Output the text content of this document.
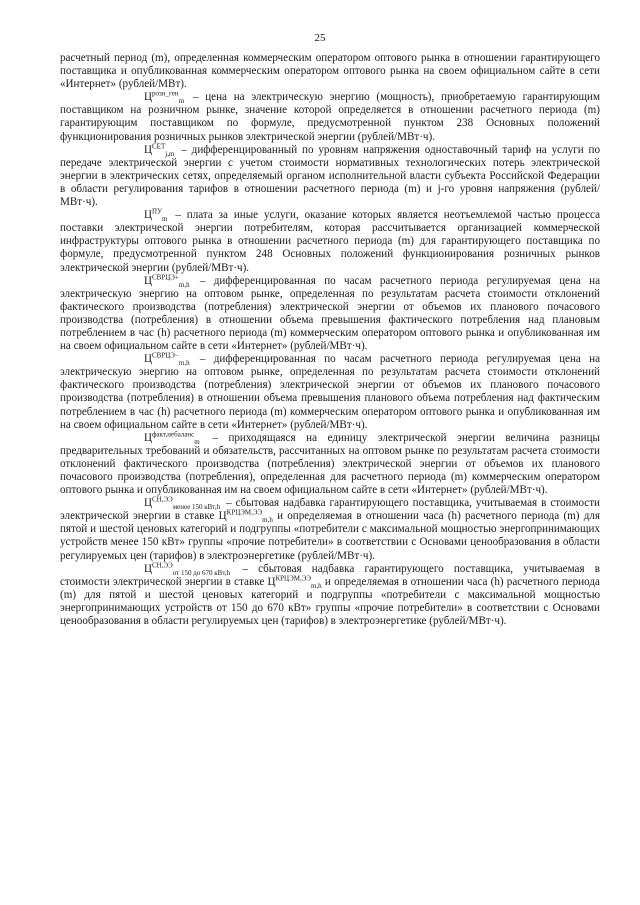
25

расчетный период (m), определенная коммерческим оператором оптового рынка в отношении гарантирующего поставщика и опубликованная коммерческим оператором оптового рынка на своем официальном сайте в сети «Интернет» (рублей/МВт).

$Ц^{розн\_ген}_m$ – цена на электрическую энергию (мощность), приобретаемую гарантирующим поставщиком на розничном рынке, значение которой определяется в отношении расчетного периода (m) гарантирующим поставщиком по формуле, предусмотренной пунктом 238 Основных положений функционирования розничных рынков электрической энергии (рублей/МВт·ч).

$Ц^{СЕТ}_{j,m}$ – дифференцированный по уровням напряжения одноставочный тариф на услуги по передаче электрической энергии с учетом стоимости нормативных технологических потерь электрической энергии в электрических сетях, определяемый органом исполнительной власти субъекта Российской Федерации в области регулирования тарифов в отношении расчетного периода (m) и j-го уровня напряжения (рублей/МВт·ч).

$Ц^{ПУ}_m$ – плата за иные услуги, оказание которых является неотъемлемой частью процесса поставки электрической энергии потребителям, которая рассчитывается организацией коммерческой инфраструктуры оптового рынка в отношении расчетного периода (m) для гарантирующего поставщика по формуле, предусмотренной пунктом 248 Основных положений функционирования розничных рынков электрической энергии (рублей/МВт·ч).

$Ц^{СВРЦЭ+}_{m,h}$ – дифференцированная по часам расчетного периода регулируемая цена на электрическую энергию на оптовом рынке, определенная по результатам расчета стоимости отклонений фактического производства (потребления) электрической энергии от объемов их планового почасового производства (потребления) в отношении объема превышения фактического потребления над плановым потреблением в час (h) расчетного периода (m) коммерческим оператором оптового рынка и опубликованная им на своем официальном сайте в сети «Интернет» (рублей/МВт·ч).

$Ц^{СВРЦЭ-}_{m,h}$ – дифференцированная по часам расчетного периода регулируемая цена на электрическую энергию на оптовом рынке, определенная по результатам расчета стоимости отклонений фактического производства (потребления) электрической энергии от объемов их планового почасового производства (потребления) в отношении объема превышения планового объема потребления над фактическим потреблением в час (h) расчетного периода (m) коммерческим оператором оптового рынка и опубликованная им на своем официальном сайте в сети «Интернет» (рублей/МВт·ч).

$Ц^{факт,небаланс}_m$ – приходящаяся на единицу электрической энергии величина разницы предварительных требований и обязательств, рассчитанных на оптовом рынке по результатам расчета стоимости отклонений фактического производства (потребления) электрической энергии от объемов их планового почасового производства (потребления), определенная для расчетного периода (m) коммерческим оператором оптового рынка и опубликованная им на своем официальном сайте в сети «Интернет» (рублей/МВт·ч).

$Ц^{СН,ЭЭ}_{менее 150 кВт,h}$ – сбытовая надбавка гарантирующего поставщика, учитываемая в стоимости электрической энергии в ставке $Ц^{КРЦЭМ,ЭЭ}_{m,h}$ и определяемая в отношении часа (h) расчетного периода (m) для пятой и шестой ценовых категорий и подгруппы «потребители с максимальной мощностью энергопринимающих устройств менее 150 кВт» группы «прочие потребители» в соответствии с Основами ценообразования в области регулируемых цен (тарифов) в электроэнергетике (рублей/МВт·ч).

$Ц^{СН,ЭЭ}_{от 150 до 670 кВт,h}$ – сбытовая надбавка гарантирующего поставщика, учитываемая в стоимости электрической энергии в ставке $Ц^{КРЦЭМ,ЭЭ}_{m,h}$ и определяемая в отношении часа (h) расчетного периода (m) для пятой и шестой ценовых категорий и подгруппы «потребители с максимальной мощностью энергопринимающих устройств от 150 до 670 кВт» группы «прочие потребители» в соответствии с Основами ценообразования в области регулируемых цен (тарифов) в электроэнергетике (рублей/МВт·ч).
